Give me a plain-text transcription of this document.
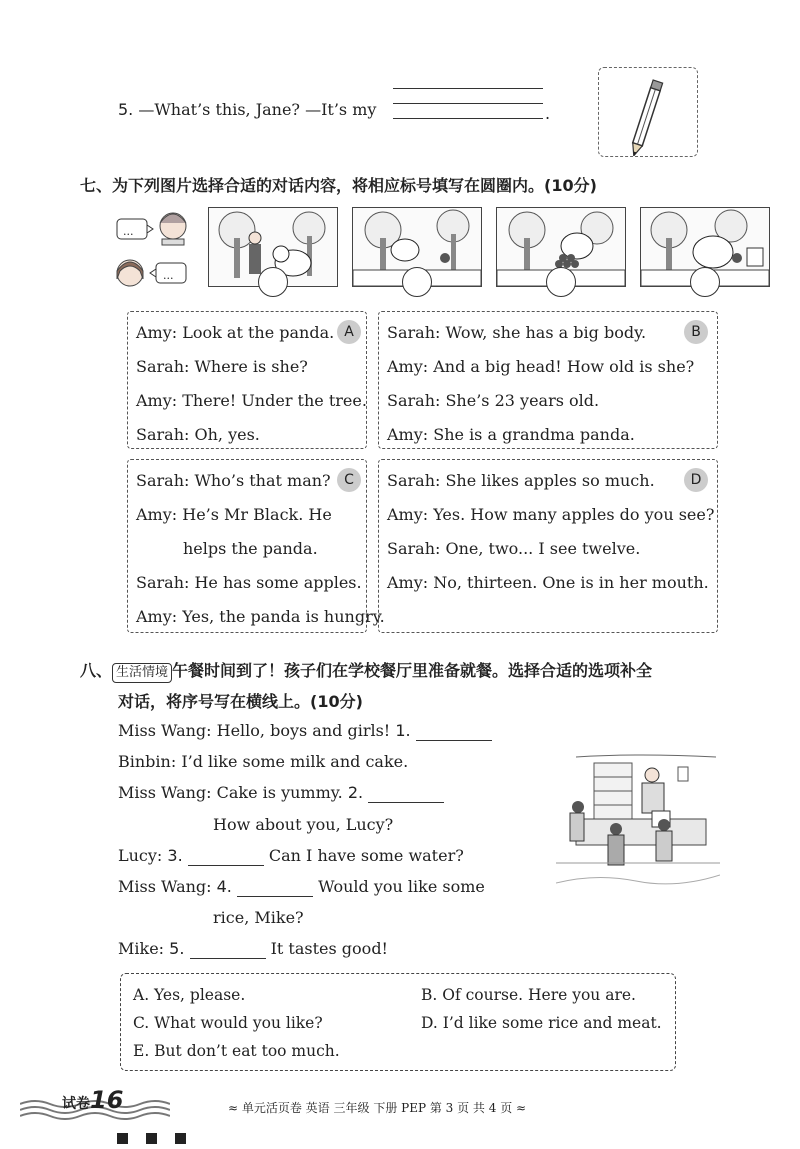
5. —What’s this, Jane? —It’s my	.
七、为下列图片选择合适的对话内容，将相应标号填写在圆圈内。(10分)
...
...
Amy: Look at the panda.
Sarah: Where is she?
Amy: There! Under the tree.
Sarah: Oh, yes.
A	Sarah: Wow, she has a big body.
Amy: And a big head! How old is she?
Sarah: She’s 23 years old.
Amy: She is a grandma panda.
B
Sarah: Who’s that man?
Amy: He’s Mr Black. He
helps the panda.
Sarah: He has some apples.
Amy: Yes, the panda is hungry.
C	Sarah: She likes apples so much.
Amy: Yes. How many apples do you see?
Sarah: One, two... I see twelve.
Amy: No, thirteen. One is in her mouth.
D
八、 生活情境 午餐时间到了！孩子们在学校餐厅里准备就餐。选择合适的选项补全
对话，将序号写在横线上。(10分)
Miss Wang: Hello, boys and girls! 1.
Binbin: I’d like some milk and cake.
Miss Wang: Cake is yummy. 2.
How about you, Lucy?
Lucy: 3.	Can I have some water?
Miss Wang: 4.	Would you like some
rice, Mike?
Mike: 5.	It tastes good!
A. Yes, please.	B. Of course. Here you are.
C. What would you like?	D. I’d like some rice and meat.
E. But don’t eat too much.
试卷16	≈ 单元活页卷 英语 三年级 下册 PEP 第 3 页 共 4 页 ≈
